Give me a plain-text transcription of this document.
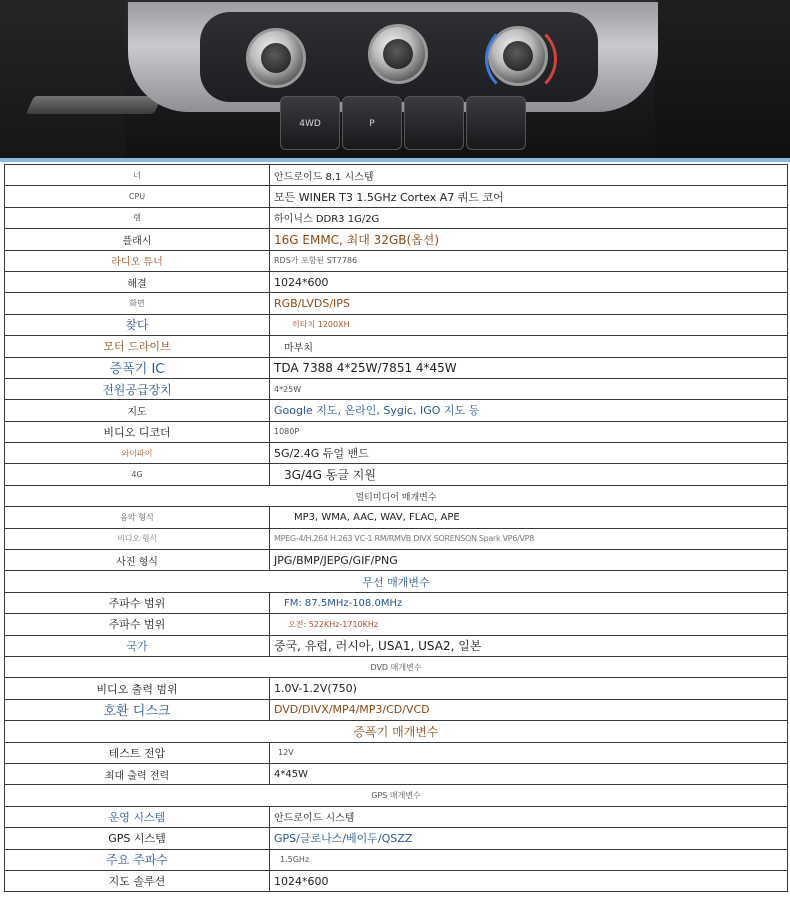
4WD	P
너	안드로이드 8.1 시스템
CPU	모든 WINER T3 1.5GHz Cortex A7 쿼드 코어
램	하이닉스 DDR3 1G/2G
플래시	16G EMMC, 최대 32GB(옵션)
라디오 튜너	RDS가 포함된 ST7786
해결	1024*600
화면	RGB/LVDS/IPS
찾다	히타치 1200XH
모터 드라이브	마부치
증폭기 IC	TDA 7388 4*25W/7851 4*45W
전원공급장치	4*25W
지도	Google 지도, 온라인, Sygic, IGO 지도 등
비디오 디코더	1080P
와이파이	5G/2.4G 듀얼 밴드
4G	3G/4G 동글 지원
멀티미디어 매개변수	
음악 형식	MP3, WMA, AAC, WAV, FLAC, APE
비디오 형식	MPEG-4/H.264 H.263 VC-1 RM/RMVB DIVX SORENSON Spark VP6/VP8
사진 형식	JPG/BMP/JEPG/GIF/PNG
무선 매개변수	
주파수 범위	FM: 87.5MHz-108.0MHz
주파수 범위	오전: 522KHz-1710KHz
국가	중국, 유럽, 러시아, USA1, USA2, 일본
DVD 매개변수	
비디오 출력 범위	1.0V-1.2V(750)
호환 디스크	DVD/DIVX/MP4/MP3/CD/VCD
증폭기 매개변수	
테스트 전압	12V
최대 출력 전력	4*45W
GPS 매개변수	
운영 시스템	안드로이드 시스템
GPS 시스템	GPS/글로나스/베이두/QSZZ
주요 주파수	1.5GHz
지도 솔루션	1024*600
